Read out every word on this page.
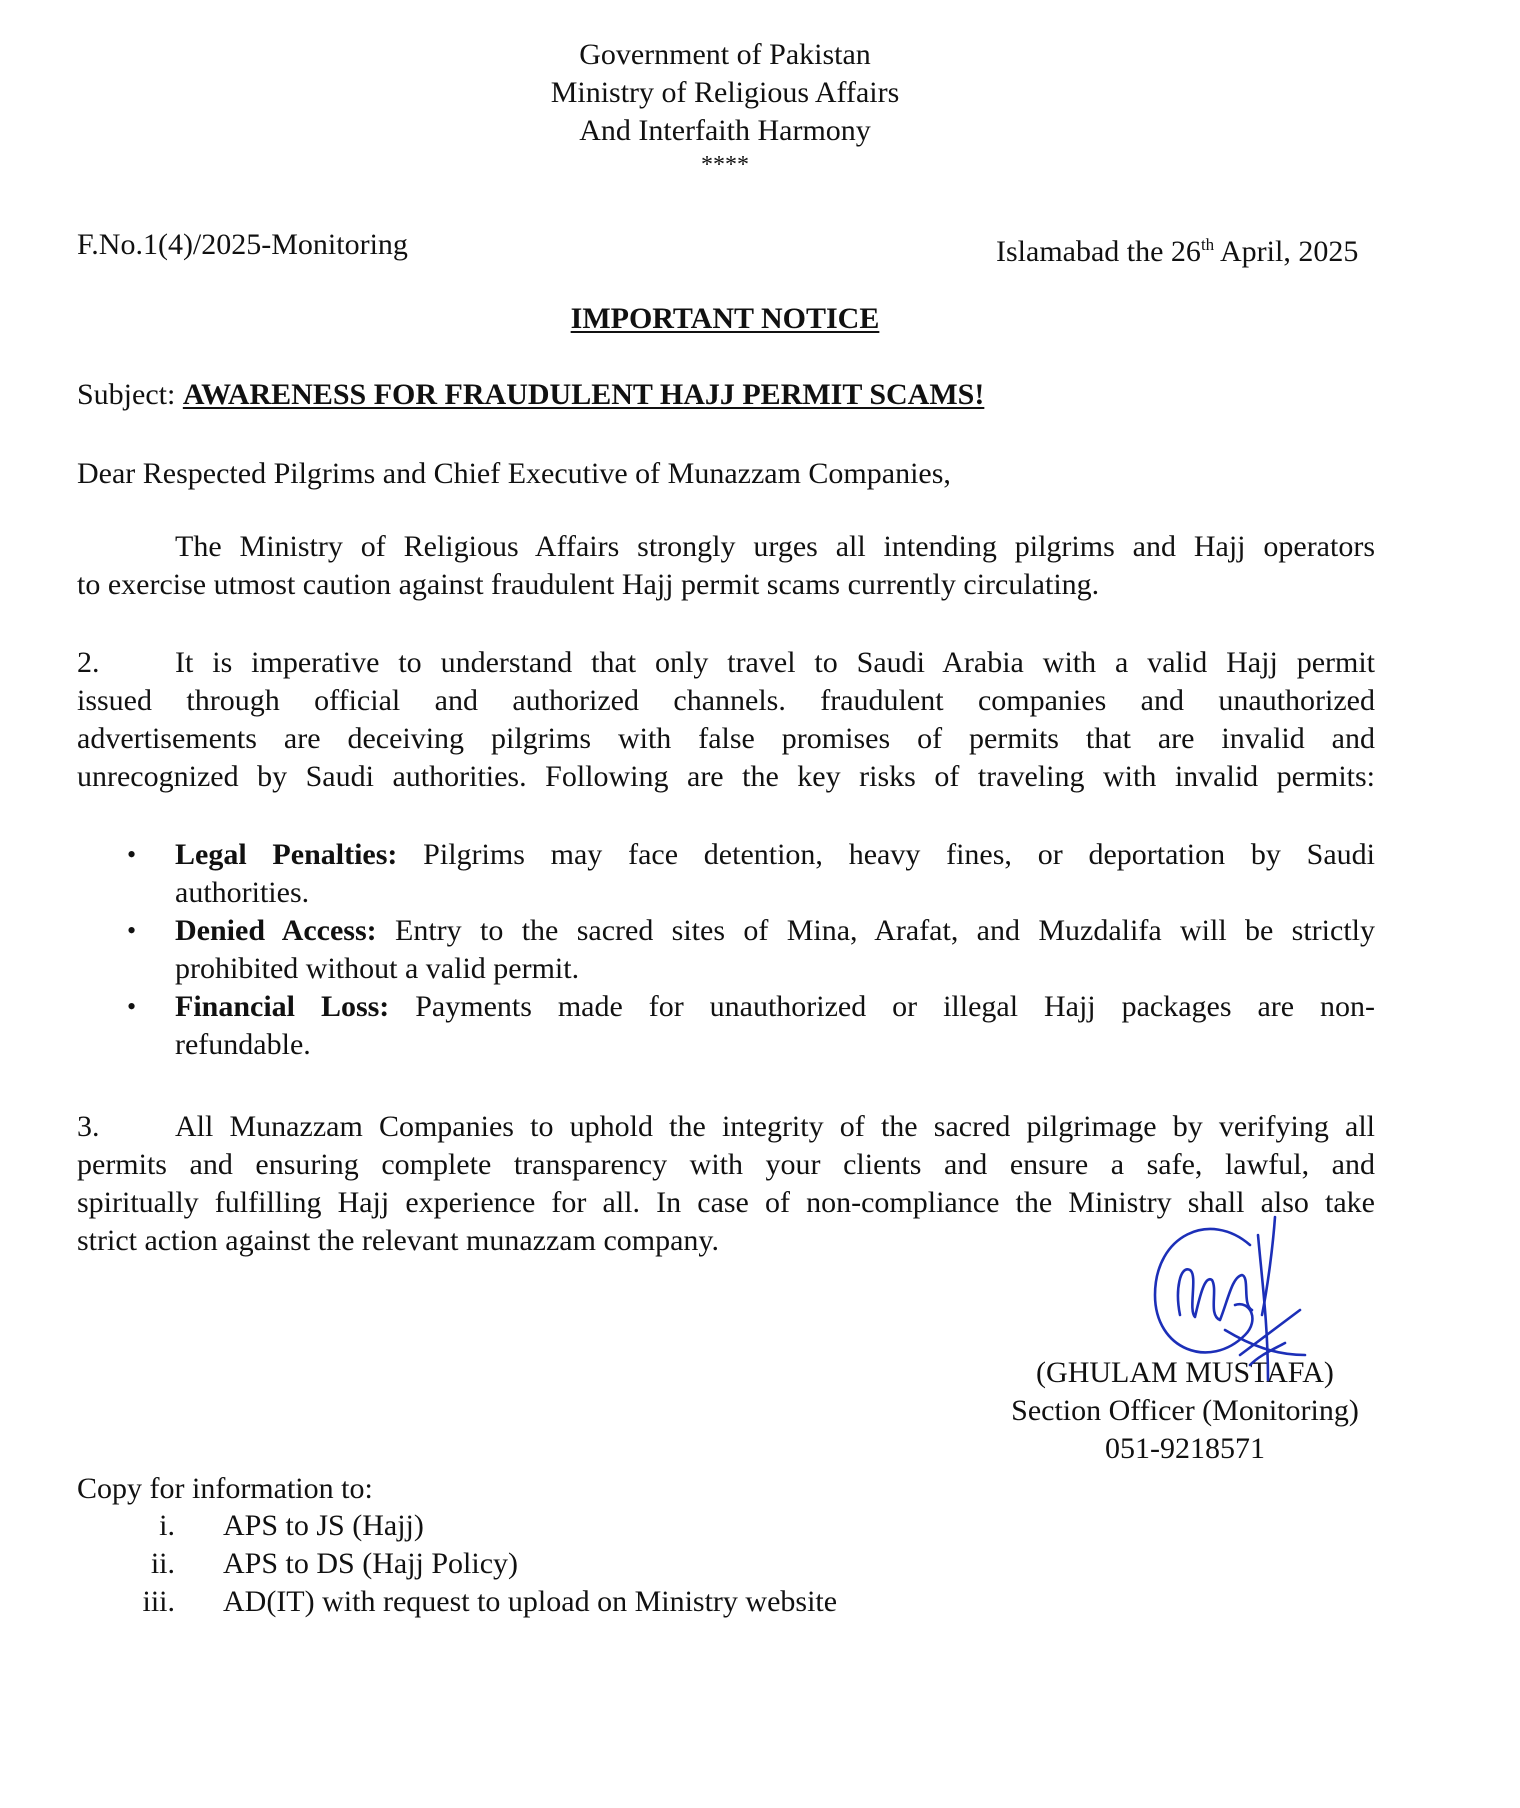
Government of Pakistan
Ministry of Religious Affairs
And Interfaith Harmony
****
F.No.1(4)/2025-Monitoring	Islamabad the 26th April, 2025
IMPORTANT NOTICE
Subject: AWARENESS FOR FRAUDULENT HAJJ PERMIT SCAMS!
Dear Respected Pilgrims and Chief Executive of Munazzam Companies,
The Ministry of Religious Affairs strongly urges all intending pilgrims and Hajj operators
to exercise utmost caution against fraudulent Hajj permit scams currently circulating.
2.	It is imperative to understand that only travel to Saudi Arabia with a valid Hajj permit
issued through official and authorized channels. fraudulent companies and unauthorized
advertisements are deceiving pilgrims with false promises of permits that are invalid and
unrecognized by Saudi authorities. Following are the key risks of traveling with invalid permits:
• Legal Penalties: Pilgrims may face detention, heavy fines, or deportation by Saudi
authorities.
• Denied Access: Entry to the sacred sites of Mina, Arafat, and Muzdalifa will be strictly
prohibited without a valid permit.
• Financial Loss: Payments made for unauthorized or illegal Hajj packages are non-
refundable.
3.	All Munazzam Companies to uphold the integrity of the sacred pilgrimage by verifying all
permits and ensuring complete transparency with your clients and ensure a safe, lawful, and
spiritually fulfilling Hajj experience for all. In case of non-compliance the Ministry shall also take
strict action against the relevant munazzam company.
(GHULAM MUSTAFA)
Section Officer (Monitoring)
051-9218571
Copy for information to:
i. APS to JS (Hajj)
ii. APS to DS (Hajj Policy)
iii. AD(IT) with request to upload on Ministry website
